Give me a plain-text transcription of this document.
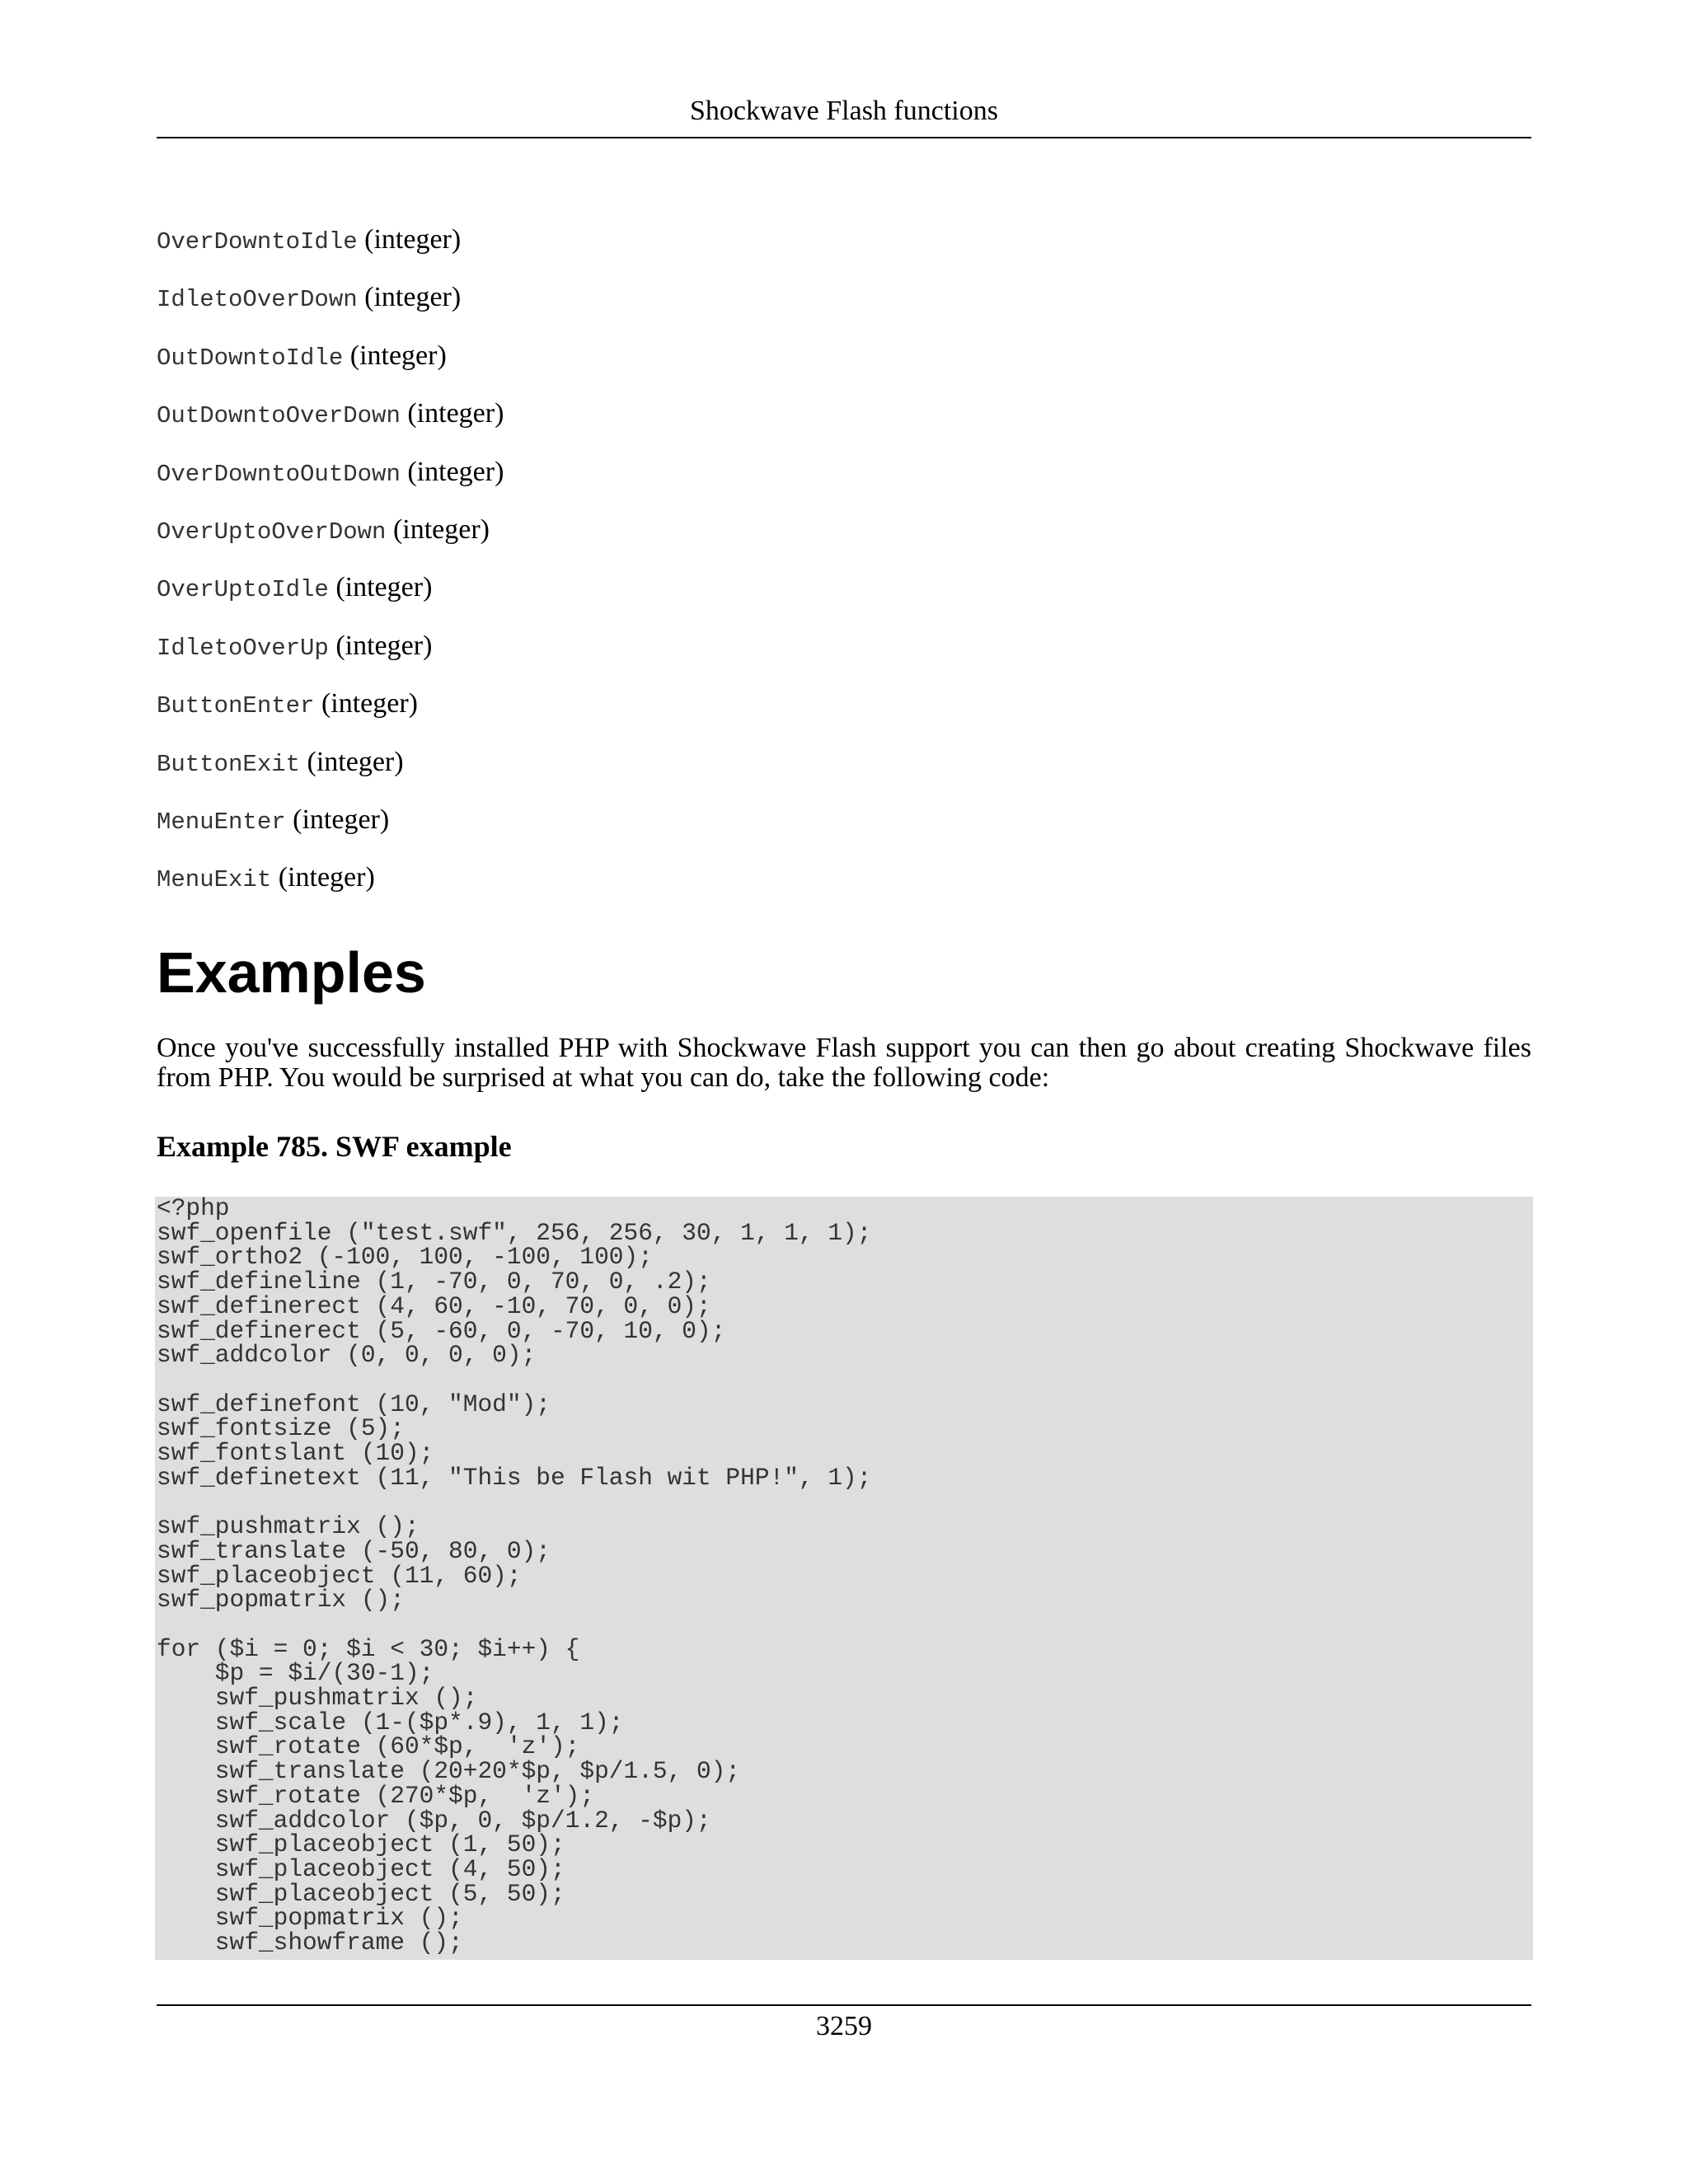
Shockwave Flash functions
OverDowntoIdle (integer)
IdletoOverDown (integer)
OutDowntoIdle (integer)
OutDowntoOverDown (integer)
OverDowntoOutDown (integer)
OverUptoOverDown (integer)
OverUptoIdle (integer)
IdletoOverUp (integer)
ButtonEnter (integer)
ButtonExit (integer)
MenuEnter (integer)
MenuExit (integer)
Examples

Once you've successfully installed PHP with Shockwave Flash support you can then go about creating Shockwave files from PHP. You would be surprised at what you can do, take the following code:

Example 785. SWF example
<?php
swf_openfile ("test.swf", 256, 256, 30, 1, 1, 1);
swf_ortho2 (-100, 100, -100, 100);
swf_defineline (1, -70, 0, 70, 0, .2);
swf_definerect (4, 60, -10, 70, 0, 0);
swf_definerect (5, -60, 0, -70, 10, 0);
swf_addcolor (0, 0, 0, 0);

swf_definefont (10, "Mod");
swf_fontsize (5);
swf_fontslant (10);
swf_definetext (11, "This be Flash wit PHP!", 1);

swf_pushmatrix ();
swf_translate (-50, 80, 0);
swf_placeobject (11, 60);
swf_popmatrix ();

for ($i = 0; $i < 30; $i++) {
$p = $i/(30-1);
swf_pushmatrix ();
swf_scale (1-($p*.9), 1, 1);
swf_rotate (60*$p,  'z');
swf_translate (20+20*$p, $p/1.5, 0);
swf_rotate (270*$p,  'z');
swf_addcolor ($p, 0, $p/1.2, -$p);
swf_placeobject (1, 50);
swf_placeobject (4, 50);
swf_placeobject (5, 50);
swf_popmatrix ();
swf_showframe ();
3259
